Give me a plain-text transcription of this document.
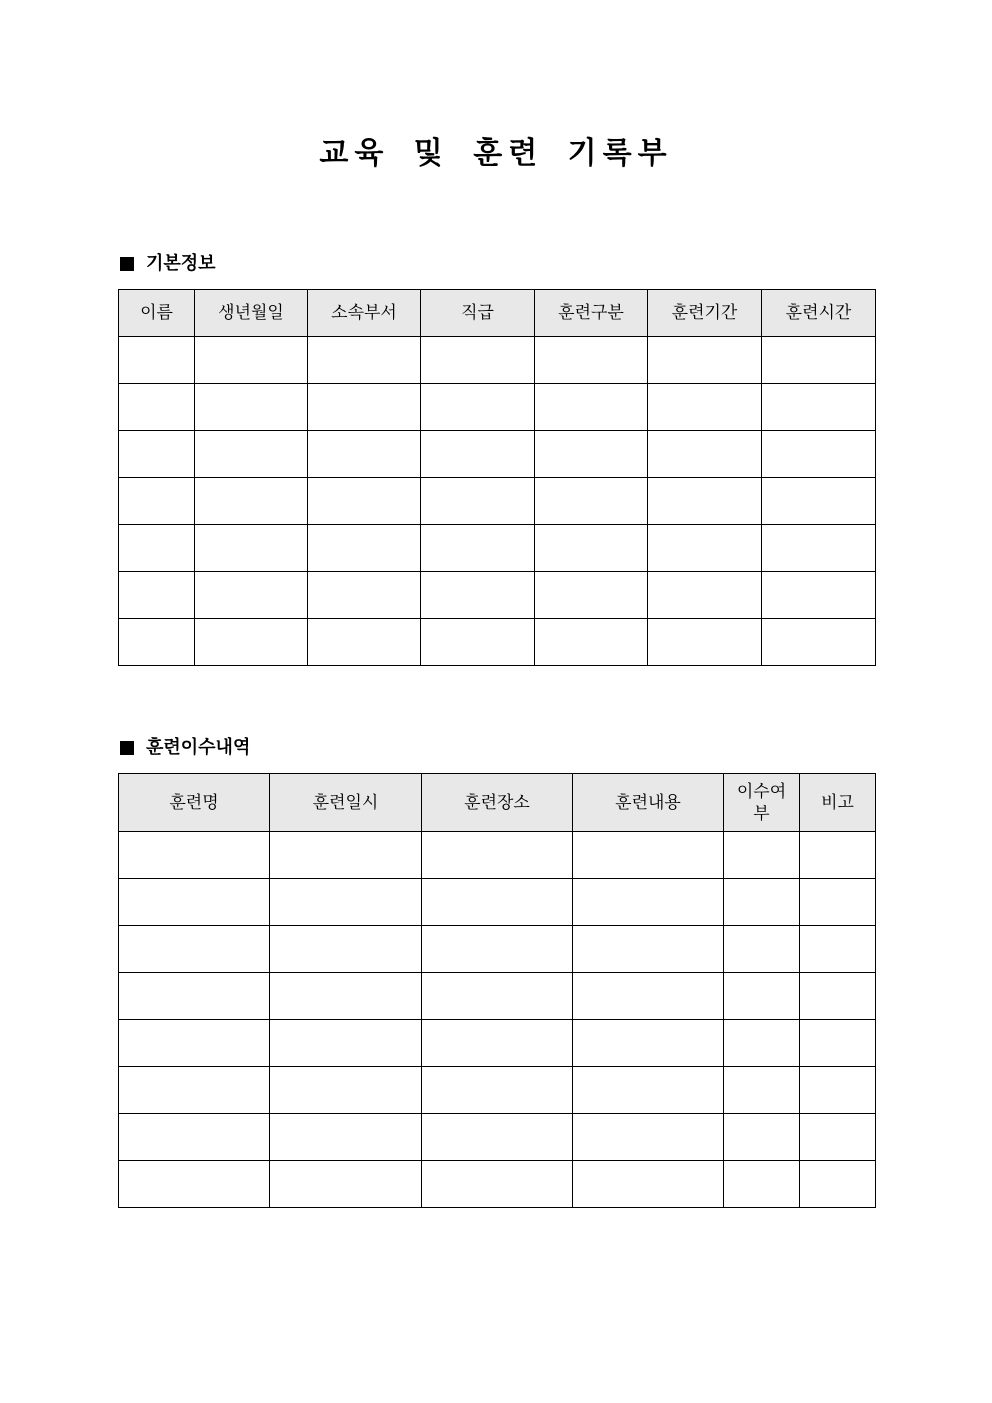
교육 및 훈련 기록부
기본정보
이름	생년월일	소속부서	직급	훈련구분	훈련기간	훈련시간

훈련이수내역
훈련명	훈련일시	훈련장소	훈련내용	이수여부	비고
